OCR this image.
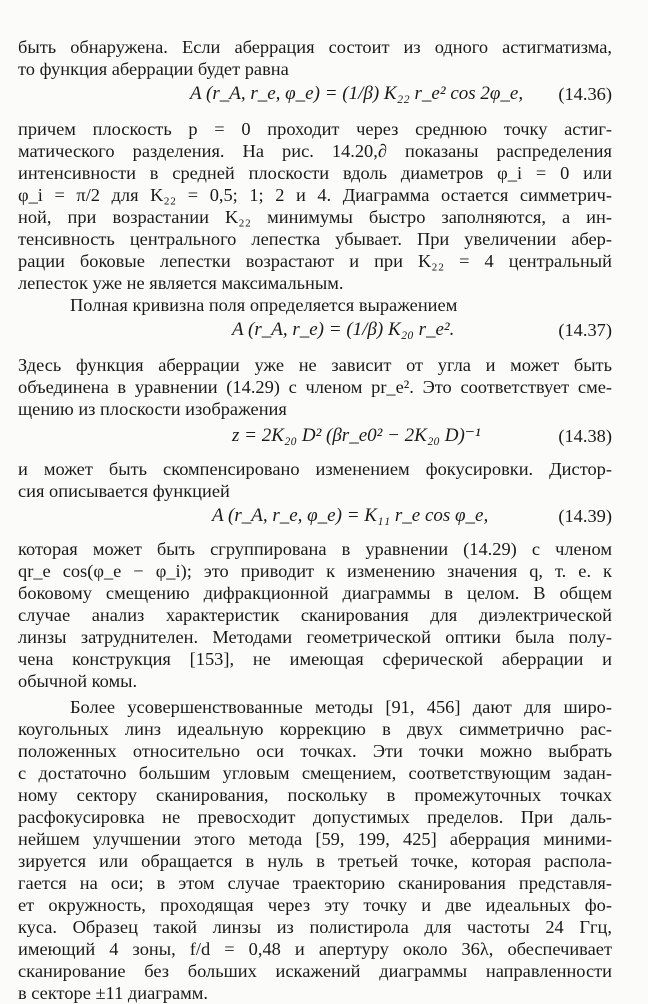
быть обнаружена. Если аберрация состоит из одного астигматизма,
то функция аберрации будет равна
A (r_A, r_e, φ_e) = (1/β) K₂₂ r_e² cos 2φ_e, (14.36)
причем плоскость p = 0 проходит через среднюю точку астиг-
матического разделения. На рис. 14.20,∂ показаны распределения
интенсивности в средней плоскости вдоль диаметров φ_i = 0 или
φ_i = π/2 для K₂₂ = 0,5; 1; 2 и 4. Диаграмма остается симметрич-
ной, при возрастании K₂₂ минимумы быстро заполняются, а ин-
тенсивность центрального лепестка убывает. При увеличении абер-
рации боковые лепестки возрастают и при K₂₂ = 4 центральный
лепесток уже не является максимальным.
Полная кривизна поля определяется выражением
A (r_A, r_e) = (1/β) K₂₀ r_e².	(14.37)
Здесь функция аберрации уже не зависит от угла и может быть
объединена в уравнении (14.29) с членом pr_e². Это соответствует сме-
щению из плоскости изображения
z = 2K₂₀ D² (βr_e0² − 2K₂₀ D)⁻¹	(14.38)
и может быть скомпенсировано изменением фокусировки. Дистор-
сия описывается функцией
A (r_A, r_e, φ_e) = K₁₁ r_e cos φ_e,	(14.39)
которая может быть сгруппирована в уравнении (14.29) с членом
qr_e cos(φ_e − φ_i); это приводит к изменению значения q, т. е. к
боковому смещению дифракционной диаграммы в целом. В общем
случае анализ характеристик сканирования для диэлектрической
линзы затруднителен. Методами геометрической оптики была полу-
чена конструкция [153], не имеющая сферической аберрации и
обычной комы.
Более усовершенствованные методы [91, 456] дают для широ-
коугольных линз идеальную коррекцию в двух симметрично рас-
положенных относительно оси точках. Эти точки можно выбрать
с достаточно большим угловым смещением, соответствующим задан-
ному сектору сканирования, поскольку в промежуточных точках
расфокусировка не превосходит допустимых пределов. При даль-
нейшем улучшении этого метода [59, 199, 425] аберрация миними-
зируется или обращается в нуль в третьей точке, которая распола-
гается на оси; в этом случае траекторию сканирования представля-
ет окружность, проходящая через эту точку и две идеальных фо-
куса. Образец такой линзы из полистирола для частоты 24 Ггц,
имеющий 4 зоны, f/d = 0,48 и апертуру около 36λ, обеспечивает
сканирование без больших искажений диаграммы направленности
в секторе ±11 диаграмм.
